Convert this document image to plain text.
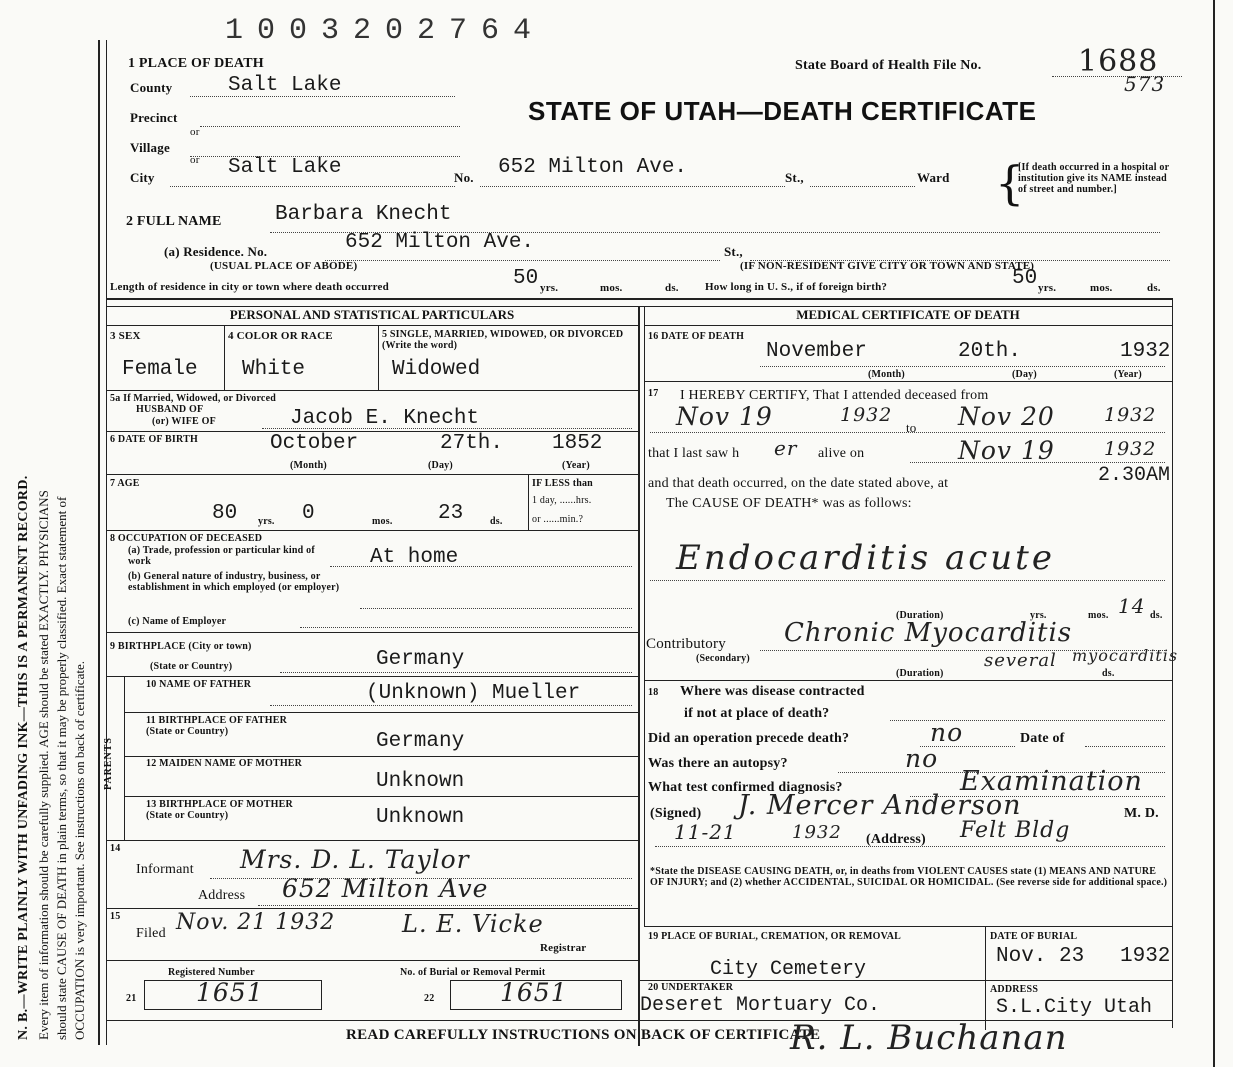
1003202764
N. B.—WRITE PLAINLY WITH UNFADING INK—THIS IS A PERMANENT RECORD. Every item of information should be carefully supplied. AGE should be stated EXACTLY. PHYSICIANS should state CAUSE OF DEATH in plain terms, so that it may be properly classified. Exact statement of OCCUPATION is very important. See instructions on back of certificate.
1 PLACE OF DEATH	State Board of Health File No.	1688
573
STATE OF UTAH—DEATH CERTIFICATE
County	Salt Lake
Precinct
or
Village
or
City	Salt Lake	No. 652 Milton Ave.	St.,	Ward {
[If death occurred in a hospital or institution give its NAME instead of street and number.]
2 FULL NAME	Barbara Knecht
(a) Residence. No.	652 Milton Ave.	St.,
(USUAL PLACE OF ABODE)	(IF NON-RESIDENT GIVE CITY OR TOWN AND STATE)
Length of residence in city or town where death occurred	50 yrs.	mos.	ds. How long in U. S., if of foreign birth?	50 yrs.	mos.	ds.
PERSONAL AND STATISTICAL PARTICULARS	MEDICAL CERTIFICATE OF DEATH
3 SEX
Female
4 COLOR OR RACE
White
5 SINGLE, MARRIED, WIDOWED, OR DIVORCED (Write the word)
Widowed
5a If Married, Widowed, or Divorced
HUSBAND OF
(or) WIFE OF	Jacob E. Knecht
6 DATE OF BIRTH	October	27th. 1852
(Month)	(Day)	(Year)
7 AGE
80 yrs. 0	mos. 23	ds.
IF LESS than
1 day, ......hrs.
or ......min.?
8 OCCUPATION OF DECEASED
(a) Trade, profession or particular kind of work	At home
(b) General nature of industry, business, or establishment in which employed (or employer)
(c) Name of Employer
9 BIRTHPLACE (City or town)
(State or Country)	Germany
PARENTS
10 NAME OF FATHER	(Unknown) Mueller
11 BIRTHPLACE OF FATHER (State or Country)	Germany
12 MAIDEN NAME OF MOTHER
Unknown
13 BIRTHPLACE OF MOTHER (State or Country)	Unknown
14
Informant Mrs. D. L. Taylor
Address 652 Milton Ave
15
Filed Nov. 21 1932	L. E. Vicke
Registrar
Registered Number	No. of Burial or Removal Permit
21 1651	22	1651
16 DATE OF DEATH
November	20th.	1932
(Month)	(Day)	(Year)
17 I HEREBY CERTIFY, That I attended deceased from
Nov 19	1932
to Nov 20	1932
that I last saw h er alive on	Nov 19	1932
and that death occurred, on the date stated above, at	2.30AM
The CAUSE OF DEATH* was as follows:
Endocarditis acute
(Duration)	yrs.	mos. 14 ds.
Contributory
(Secondary)
Chronic Myocarditis
(Duration)
several myocarditis
ds.
18 Where was disease contracted
if not at place of death?
Did an operation precede death?	no	Date of
Was there an autopsy?	no
What test confirmed diagnosis?	Examination
(Signed) J. Mercer Anderson	M. D.
11-21	1932 (Address) Felt Bldg
*State the DISEASE CAUSING DEATH, or, in deaths from VIOLENT CAUSES state (1) MEANS AND NATURE OF INJURY; and (2) whether ACCIDENTAL, SUICIDAL OR HOMICIDAL. (See reverse side for additional space.)
19 PLACE OF BURIAL, CREMATION, OR REMOVAL
City Cemetery
DATE OF BURIAL
Nov. 23 1932
20 UNDERTAKER
Deseret Mortuary Co.
ADDRESS
S.L.City Utah
READ CAREFULLY INSTRUCTIONS ON BACK OF CERTIFICATE
R. L. Buchanan
